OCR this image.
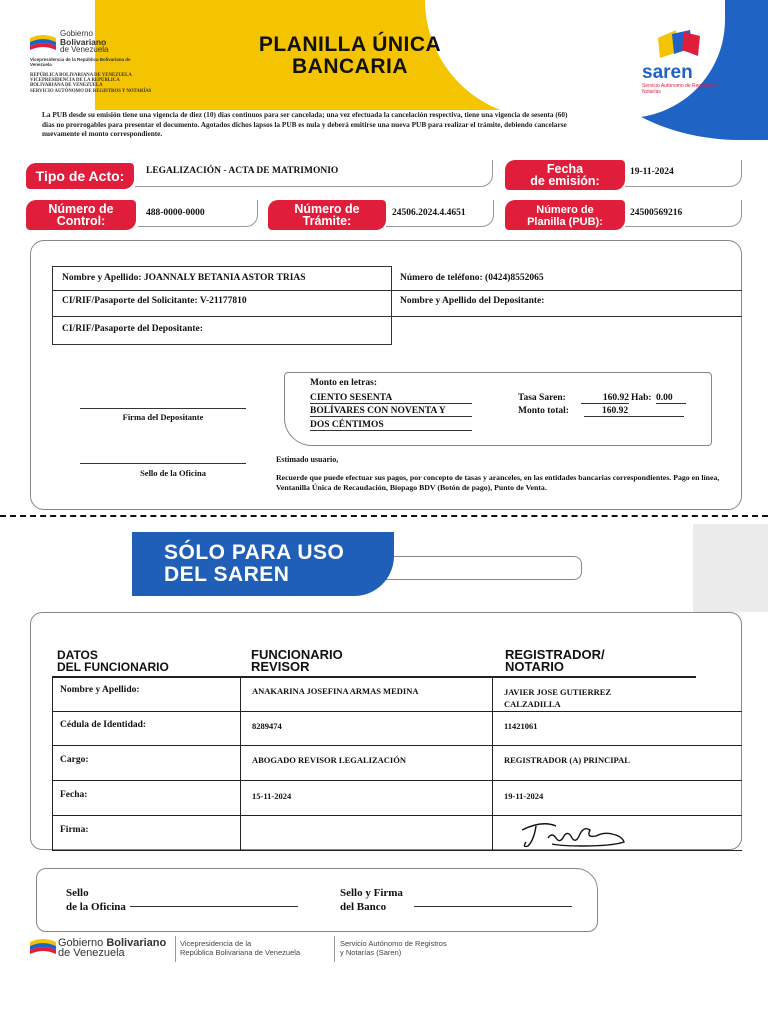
Gobierno
Bolivariano
de Venezuela
Vicepresidencia de la República Bolivariana de Venezuela
REPÚBLICA BOLIVARIANA DE VENEZUELA
VICEPRESIDENCIA DE LA REPÚBLICA
BOLIVARIANA DE VENEZUELA
SERVICIO AUTÓNOMO DE REGISTROS Y NOTARÍAS
PLANILLA ÚNICA
BANCARIA	saren
Servicio Autónomo de Registros y Notarías
La PUB desde su emisión tiene una vigencia de diez (10) días continuos para ser cancelada; una vez efectuada la cancelación respectiva, tiene una vigencia de sesenta (60) días no prorrogables para presentar el documento. Agotados dichos lapsos la PUB es nula y deberá emitirse una nueva PUB para realizar el trámite, debiendo cancelarse nuevamente el monto correspondiente.
Tipo de Acto:	LEGALIZACIÓN - ACTA DE MATRIMONIO	Fecha
de emisión:
19-11-2024
Número de
Control:
488-0000-0000	Número de
Trámite:
24506.2024.4.4651	Número de
Planilla (PUB):
24500569216
Nombre y Apellido: JOANNALY BETANIA ASTOR TRIAS	Número de teléfono: (0424)8552065
CI/RIF/Pasaporte del Solicitante: V-21177810	Nombre y Apellido del Depositante:
CI/RIF/Pasaporte del Depositante:
Monto en letras:
CIENTO SESENTA
BOLÍVARES CON NOVENTA Y
DOS CÉNTIMOS
Tasa Saren:	160.92 Hab: 0.00
Monto total:	160.92
Firma del Depositante
Sello de la Oficina
Estimado usuario,
Recuerde que puede efectuar sus pagos, por concepto de tasas y aranceles, en las entidades bancarias correspondientes. Pago en línea, Ventanilla Única de Recaudación, Biopago BDV (Botón de pago), Punto de Venta.
SÓLO PARA USO
DEL SAREN
DATOS
DEL FUNCIONARIO
FUNCIONARIO
REVISOR
REGISTRADOR/
NOTARIO
Nombre y Apellido:	ANAKARINA JOSEFINA ARMAS MEDINA	JAVIER JOSE GUTIERREZ
CALZADILLA
Cédula de Identidad:	8289474	11421061
Cargo:	ABOGADO REVISOR LEGALIZACIÓN	REGISTRADOR (A) PRINCIPAL
Fecha:	15-11-2024	19-11-2024
Firma:
Sello
de la Oficina
Sello y Firma
del Banco
Gobierno Bolivariano
de Venezuela
Vicepresidencia de la
República Bolivariana de Venezuela
Servicio Autónomo de Registros
y Notarías (Saren)
